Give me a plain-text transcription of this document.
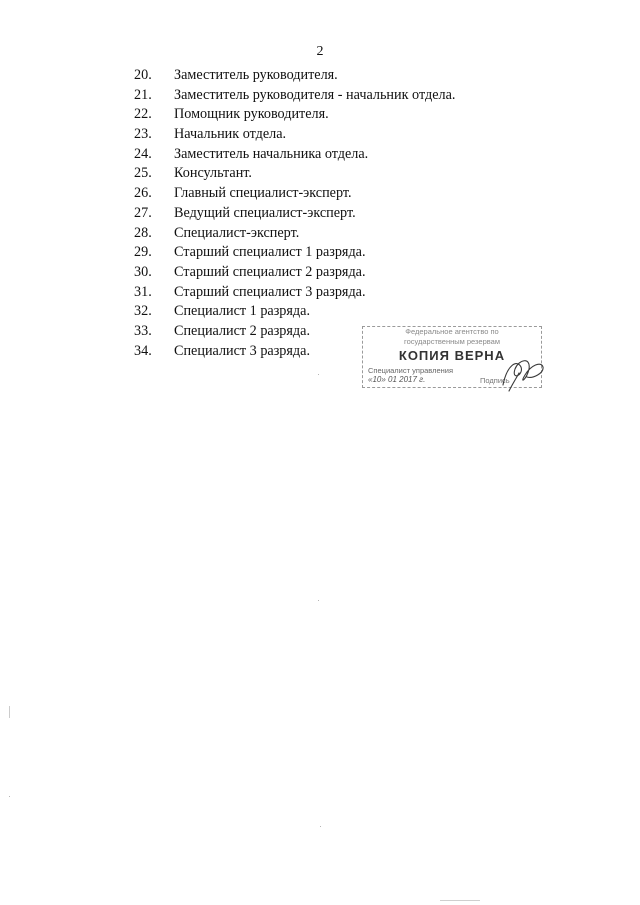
2
20.	Заместитель руководителя.
21.	Заместитель руководителя - начальник отдела.
22.	Помощник руководителя.
23.	Начальник отдела.
24.	Заместитель начальника отдела.
25.	Консультант.
26.	Главный специалист-эксперт.
27.	Ведущий специалист-эксперт.
28.	Специалист-эксперт.
29.	Старший специалист 1 разряда.
30.	Старший специалист 2 разряда.
31.	Старший специалист 3 разряда.
32.	Специалист 1 разряда.
33.	Специалист 2 разряда.
34.	Специалист 3 разряда.
Федеральное агентство по
государственным резервам
КОПИЯ ВЕРНА
Специалист управления
«10» 01 2017 г.	Подпись
